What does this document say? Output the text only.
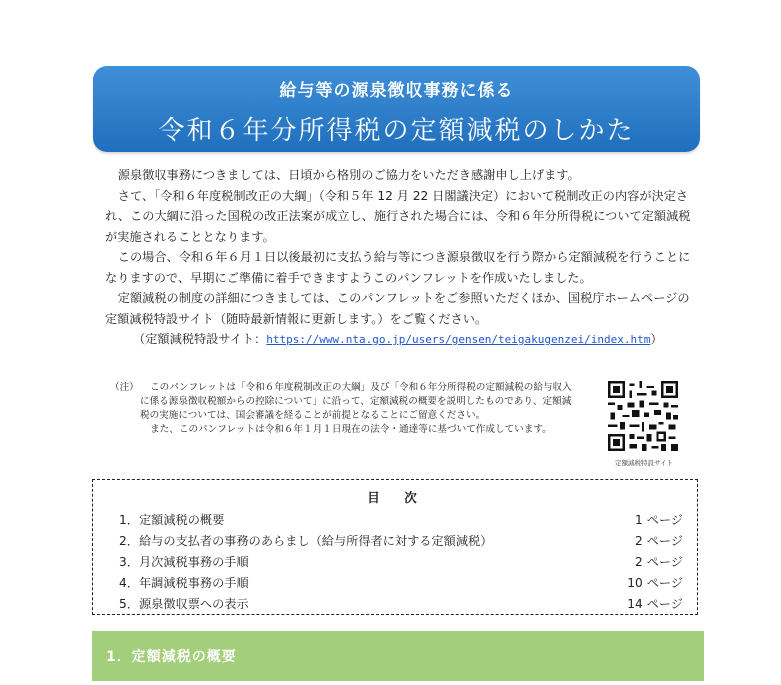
給与等の源泉徴収事務に係る
令和６年分所得税の定額減税のしかた

源泉徴収事務につきましては、日頃から格別のご協力をいただき感謝申し上げます。

さて、「令和６年度税制改正の大綱」（令和５年 12 月 22 日閣議決定）において税制改正の内容が決定され、この大綱に沿った国税の改正法案が成立し、施行された場合には、令和６年分所得税について定額減税が実施されることとなります。

この場合、令和６年６月１日以後最初に支払う給与等につき源泉徴収を行う際から定額減税を行うことになりますので、早期にご準備に着手できますようこのパンフレットを作成いたしました。

定額減税の制度の詳細につきましては、このパンフレットをご参照いただくほか、国税庁ホームページの定額減税特設サイト（随時最新情報に更新します。）をご覧ください。

（定額減税特設サイト：https://www.nta.go.jp/users/gensen/teigakugenzei/index.htm）

（注）	このパンフレットは「令和６年度税制改正の大綱」及び「令和６年分所得税の定額減税の給与収入に係る源泉徴収税額からの控除について」に沿って、定額減税の概要を説明したものであり、定額減税の実施については、国会審議を経ることが前提となることにご留意ください。

また、このパンフレットは令和６年１月１日現在の法令・通達等に基づいて作成しています。

定額減税特設サイト
目　次
1．定額減税の概要	1 ページ
2．給与の支払者の事務のあらまし（給与所得者に対する定額減税）	2 ページ
3．月次減税事務の手順	2 ページ
4．年調減税事務の手順	10 ページ
5．源泉徴収票への表示	14 ページ
1．定額減税の概要
